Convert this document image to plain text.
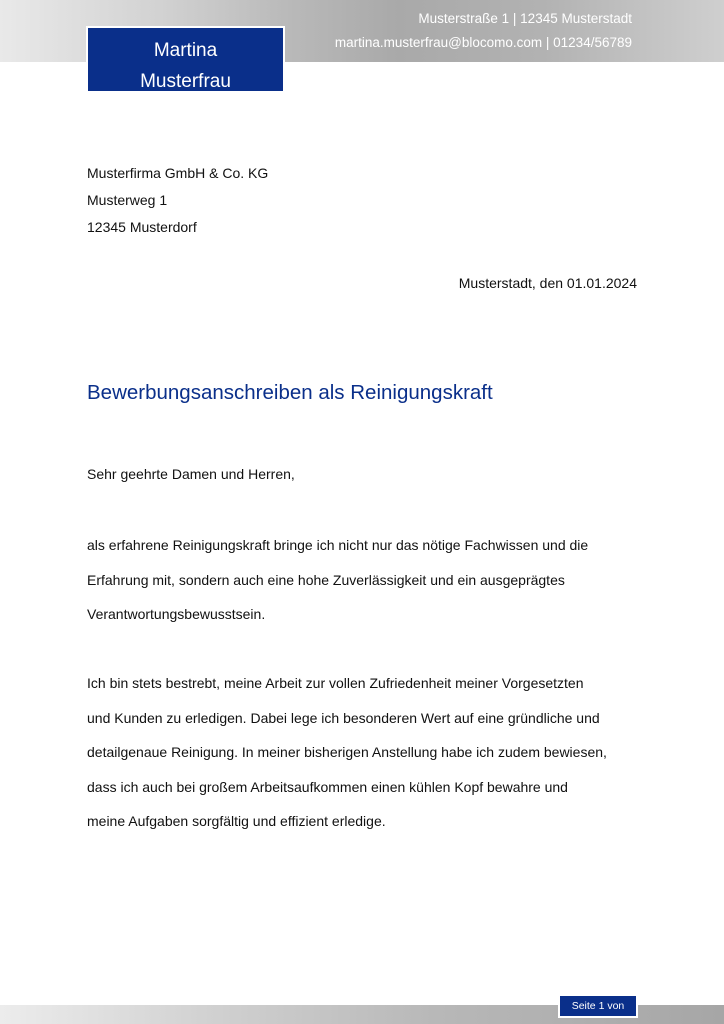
Martina
Musterfrau
Musterstraße 1 | 12345 Musterstadt
martina.musterfrau@blocomo.com | 01234/56789
Musterfirma GmbH & Co. KG
Musterweg 1
12345 Musterdorf
Musterstadt, den 01.01.2024
Bewerbungsanschreiben als Reinigungskraft
Sehr geehrte Damen und Herren,
als erfahrene Reinigungskraft bringe ich nicht nur das nötige Fachwissen und die
Erfahrung mit, sondern auch eine hohe Zuverlässigkeit und ein ausgeprägtes
Verantwortungsbewusstsein.
Ich bin stets bestrebt, meine Arbeit zur vollen Zufriedenheit meiner Vorgesetzten
und Kunden zu erledigen. Dabei lege ich besonderen Wert auf eine gründliche und
detailgenaue Reinigung. In meiner bisherigen Anstellung habe ich zudem bewiesen,
dass ich auch bei großem Arbeitsaufkommen einen kühlen Kopf bewahre und
meine Aufgaben sorgfältig und effizient erledige.
Seite 1 von
